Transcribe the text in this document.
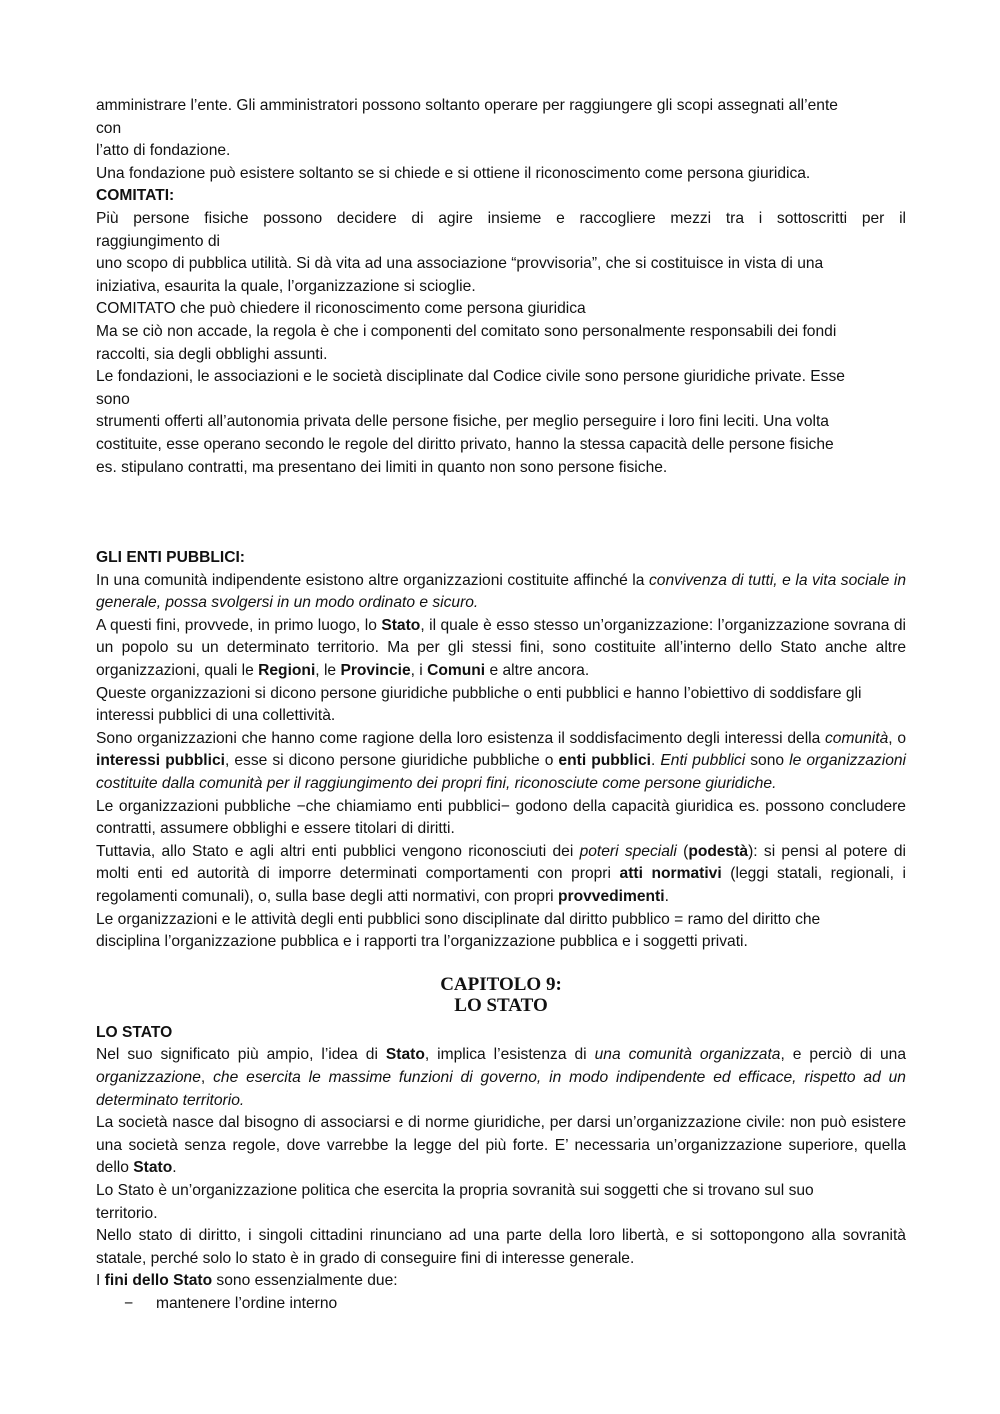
amministrare l’ente. Gli amministratori possono soltanto operare per raggiungere gli scopi assegnati all’ente

con

l’atto di fondazione.

Una fondazione può esistere soltanto se si chiede e si ottiene il riconoscimento come persona giuridica.

COMITATI:

Più persone fisiche possono decidere di agire insieme e raccogliere mezzi tra i sottoscritti per il

raggiungimento di

uno scopo di pubblica utilità. Si dà vita ad una associazione “provvisoria”, che si costituisce in vista di una

iniziativa, esaurita la quale, l’organizzazione si scioglie.

COMITATO che può chiedere il riconoscimento come persona giuridica

Ma se ciò non accade, la regola è che i componenti del comitato sono personalmente responsabili dei fondi

raccolti, sia degli obblighi assunti.

Le fondazioni, le associazioni e le società disciplinate dal Codice civile sono persone giuridiche private. Esse

sono

strumenti offerti all’autonomia privata delle persone fisiche, per meglio perseguire i loro fini leciti. Una volta

costituite, esse operano secondo le regole del diritto privato, hanno la stessa capacità delle persone fisiche

es. stipulano contratti, ma presentano dei limiti in quanto non sono persone fisiche.

GLI ENTI PUBBLICI:

In una comunità indipendente esistono altre organizzazioni costituite affinché la convivenza di tutti, e la vita sociale in generale, possa svolgersi in un modo ordinato e sicuro.

A questi fini, provvede, in primo luogo, lo Stato, il quale è esso stesso un’organizzazione: l’organizzazione sovrana di un popolo su un determinato territorio. Ma per gli stessi fini, sono costituite all’interno dello Stato anche altre organizzazioni, quali le Regioni, le Provincie, i Comuni e altre ancora.

Queste organizzazioni si dicono persone giuridiche pubbliche o enti pubblici e hanno l’obiettivo di soddisfare gli interessi pubblici di una collettività.

Sono organizzazioni che hanno come ragione della loro esistenza il soddisfacimento degli interessi della comunità, o interessi pubblici, esse si dicono persone giuridiche pubbliche o enti pubblici. Enti pubblici sono le organizzazioni costituite dalla comunità per il raggiungimento dei propri fini, riconosciute come persone giuridiche.

Le organizzazioni pubbliche −che chiamiamo enti pubblici− godono della capacità giuridica es. possono concludere contratti, assumere obblighi e essere titolari di diritti.

Tuttavia, allo Stato e agli altri enti pubblici vengono riconosciuti dei poteri speciali (podestà): si pensi al potere di molti enti ed autorità di imporre determinati comportamenti con propri atti normativi (leggi statali, regionali, i regolamenti comunali), o, sulla base degli atti normativi, con propri provvedimenti.

Le organizzazioni e le attività degli enti pubblici sono disciplinate dal diritto pubblico = ramo del diritto che

disciplina l’organizzazione pubblica e i rapporti tra l’organizzazione pubblica e i soggetti privati.

CAPITOLO 9:
LO STATO

LO STATO

Nel suo significato più ampio, l’idea di Stato, implica l’esistenza di una comunità organizzata, e perciò di una organizzazione, che esercita le massime funzioni di governo, in modo indipendente ed efficace, rispetto ad un determinato territorio.

La società nasce dal bisogno di associarsi e di norme giuridiche, per darsi un’organizzazione civile: non può esistere una società senza regole, dove varrebbe la legge del più forte. E’ necessaria un’organizzazione superiore, quella dello Stato.

Lo Stato è un’organizzazione politica che esercita la propria sovranità sui soggetti che si trovano sul suo

territorio.

Nello stato di diritto, i singoli cittadini rinunciano ad una parte della loro libertà, e si sottopongono alla sovranità statale, perché solo lo stato è in grado di conseguire fini di interesse generale.

I fini dello Stato sono essenzialmente due:

− mantenere l’ordine interno
